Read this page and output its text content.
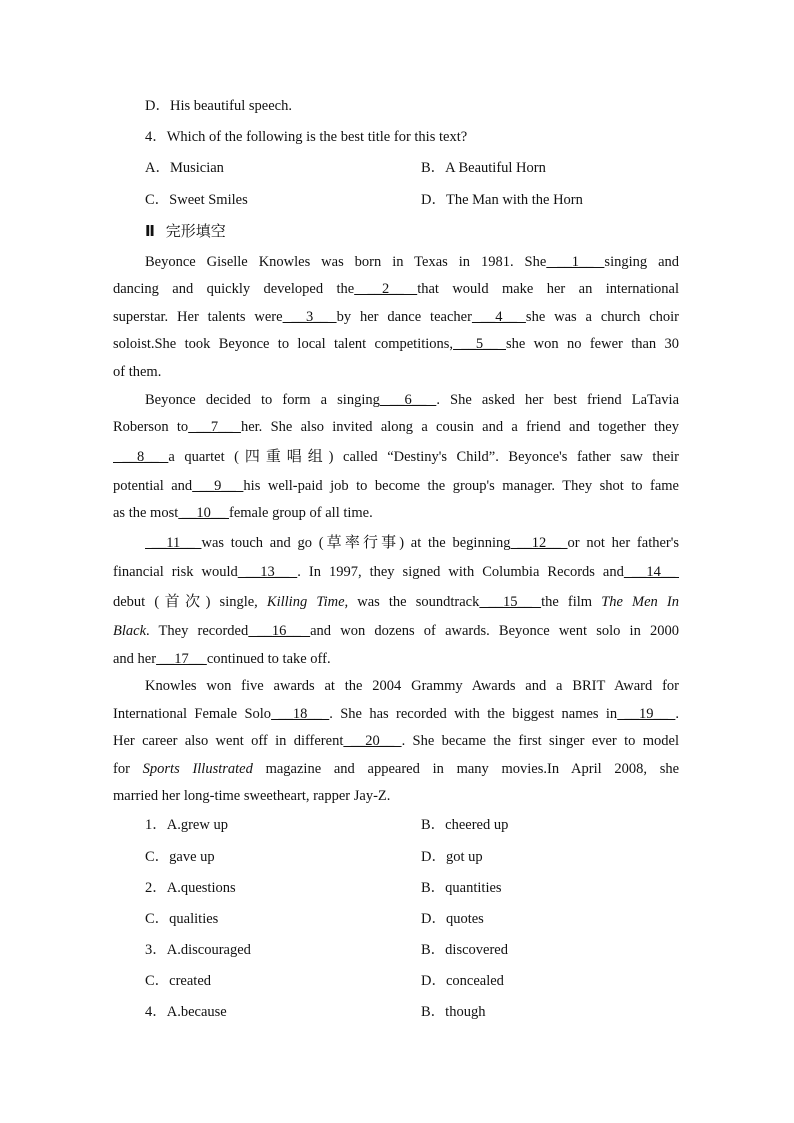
D．His beautiful speech.
4．Which of the following is the best title for this text?
A．Musician	B．A Beautiful Horn
C．Sweet Smiles	D．The Man with the Horn
Ⅱ 完形填空
Beyonce Giselle Knowles was born in Texas in 1981. She __1__ singing and
dancing and quickly developed the __2__ that would make her an international
superstar. Her talents were __3__ by her dance teacher __4__ she was a church choir
soloist.She took Beyonce to local talent competitions, __5__ she won no fewer than 30
of them.
Beyonce decided to form a singing __6__ . She asked her best friend LaTavia
Roberson to __7__ her. She also invited along a cousin and a friend and together they
__8__ a quartet (四重唱组) called “Destiny's Child”. Beyonce's father saw their
potential and __9__ his well-paid job to become the group's manager. They shot to fame
as the most __10__ female group of all time.
__11__ was touch and go (草率行事) at the beginning __12__ or not her father's
financial risk would __13__ . In 1997, they signed with Columbia Records and __14__
debut (首次) single, Killing Time, was the soundtrack __15__ the film The Men In
Black. They recorded __16__ and won dozens of awards. Beyonce went solo in 2000
and her __17__ continued to take off.
Knowles won five awards at the 2004 Grammy Awards and a BRIT Award for
International Female Solo __18__ . She has recorded with the biggest names in __19__ .
Her career also went off in different __20__ . She became the first singer ever to model
for Sports Illustrated magazine and appeared in many movies.In April 2008, she
married her long-time sweetheart, rapper Jay-Z.
1．A.grew up	B．cheered up
C．gave up	D．got up
2．A.questions	B．quantities
C．qualities	D．quotes
3．A.discouraged	B．discovered
C．created	D．concealed
4．A.because	B．though
